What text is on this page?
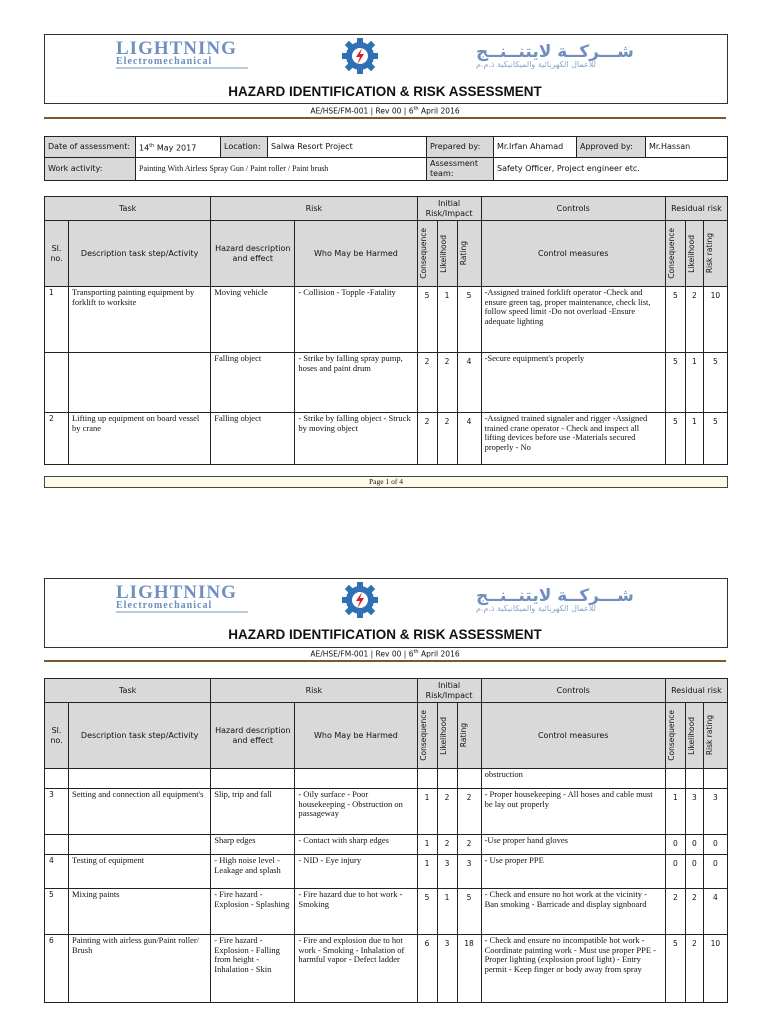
LIGHTNING
Electromechanical	شـــركــة لايتنــنــج
للأعمال الكهربائية والميكانيكية ذ.م.م
HAZARD IDENTIFICATION & RISK ASSESSMENT
AE/HSE/FM-001 | Rev 00 | 6th April 2016
Date of assessment:	14th May 2017	Location:	Salwa Resort Project	Prepared by:	Mr.Irfan Ahamad	Approved by:	Mr.Hassan
Work activity:	Painting With Airless Spray Gun / Paint roller / Paint brush			Assessment team:	Safety Officer, Project engineer etc.		
Task		Risk		Initial Risk/Impact			Controls	Residual risk		
Sl. no.	Description task step/Activity	Hazard description and effect	Who May be Harmed	Consequence	Likelihood	Rating	Control measures	Consequence	Likelihood	Risk rating

1	Transporting painting equipment by forklift to worksite	Moving vehicle	- Collision - Topple -Fatality	5	1	5	-Assigned trained forklift operator -Check and ensure green tag, proper maintenance, check list, follow speed limit -Do not overload -Ensure adequate lighting	5	2	10
		Falling object	- Strike by falling spray pump, hoses and paint drum	2	2	4	-Secure equipment's properly	5	1	5
2	Lifting up equipment on board vessel by crane	Falling object	- Strike by falling object - Struck by moving object	2	2	4	-Assigned trained signaler and rigger -Assigned trained crane operator - Check and inspect all lifting devices before use -Materials secured properly - No	5	1	5
Page 1 of 4
LIGHTNING
Electromechanical	شـــركــة لايتنــنــج
للأعمال الكهربائية والميكانيكية ذ.م.م
HAZARD IDENTIFICATION & RISK ASSESSMENT
AE/HSE/FM-001 | Rev 00 | 6th April 2016
Task		Risk		Initial Risk/Impact			Controls	Residual risk		
Sl. no.	Description task step/Activity	Hazard description and effect	Who May be Harmed	Consequence	Likelihood	Rating	Control measures	Consequence	Likelihood	Risk rating

							obstruction			
3	Setting and connection all equipment's	Slip, trip and fall	- Oily surface - Poor housekeeping - Obstruction on passageway	1	2	2	- Proper housekeeping - All hoses and cable must be lay out properly	1	3	3
		Sharp edges	- Contact with sharp edges	1	2	2	-Use proper hand gloves	0	0	0
4	Testing of equipment	- High noise level - Leakage and splash	- NID - Eye injury	1	3	3	- Use proper PPE	0	0	0
5	Mixing paints	- Fire hazard - Explosion - Splashing	- Fire hazard due to hot work - Smoking	5	1	5	- Check and ensure no hot work at the vicinity - Ban smoking - Barricade and display signboard	2	2	4
6	Painting with airless gun/Paint roller/ Brush	- Fire hazard - Explosion - Falling from height - Inhalation - Skin	- Fire and explosion due to hot work - Smoking - Inhalation of harmful vapor - Defect ladder	6	3	18	- Check and ensure no incompatible hot work - Coordinate painting work - Must use proper PPE - Proper lighting (explosion proof light) - Entry permit - Keep finger or body away from spray	5	2	10
